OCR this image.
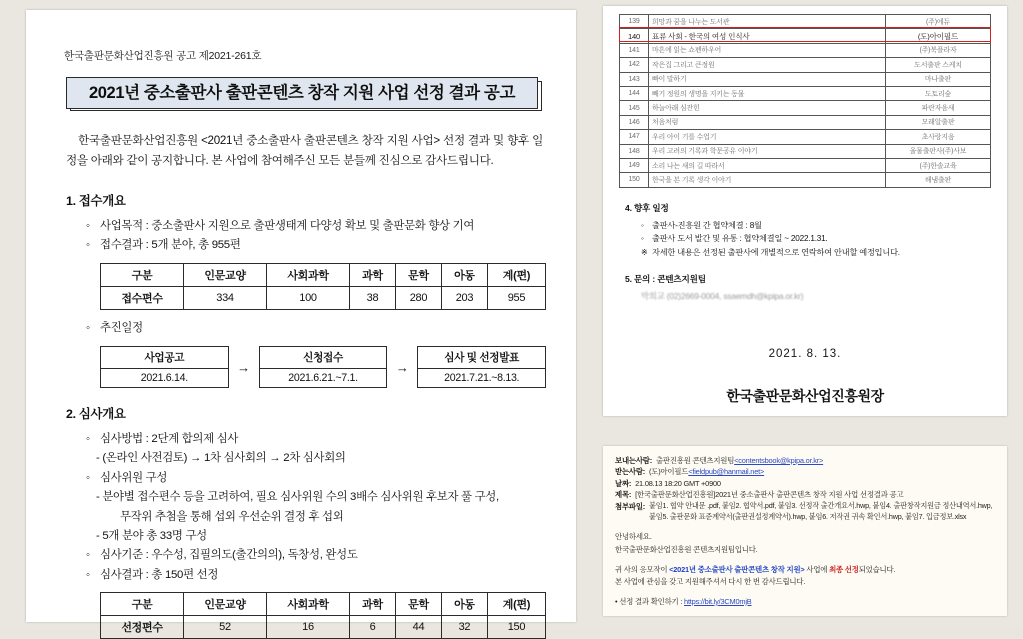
한국출판문화산업진흥원 공고 제2021-261호
2021년 중소출판사 출판콘텐츠 창작 지원 사업 선정 결과 공고

한국출판문화산업진흥원 <2021년 중소출판사 출판콘텐츠 창작 지원 사업> 선정 결과 및 향후 일정을 아래와 같이 공지합니다. 본 사업에 참여해주신 모든 분들께 진심으로 감사드립니다.

1. 접수개요
◦ 사업목적 : 중소출판사 지원으로 출판생태계 다양성 확보 및 출판문화 향상 기여
◦ 접수결과 : 5개 분야, 총 955편
구분	인문교양	사회과학	과학	문학	아동	계(편)
접수편수	334	100	38	280	203	955
◦ 추진일정
사업공고
2021.6.14.
→
신청접수
2021.6.21.~7.1.
→
심사 및 선정발표
2021.7.21.~8.13.
2. 심사개요
◦ 심사방법 : 2단계 합의제 심사
- (온라인 사전검토) → 1차 심사회의 → 2차 심사회의
◦ 심사위원 구성
- 분야별 접수편수 등을 고려하여, 필요 심사위원 수의 3배수 심사위원 후보자 풀 구성,
무작위 추첨을 통해 섭외 우선순위 결정 후 섭외
- 5개 분야 총 33명 구성
◦ 심사기준 : 우수성, 집필의도(출간의의), 독창성, 완성도
◦ 심사결과 : 총 150편 선정
구분	인문교양	사회과학	과학	문학	아동	계(편)
선정편수	52	16	6	44	32	150
139	희망과 꿈을 나누는 도서관	(주)에듀
140	표류 사회 - 한국의 여성 인식사	(도)아이필드
141	마흔에 읽는 쇼펜하우어	(주)북플라자
142	작은집 그리고 큰정원	도서출판 스케치
143	빠이 말하기	마나출판
144	빼기 정원의 생명을 지키는 동물	도토리숲
145	하늘아래 심잔힌	파란자음새
146	처음처럼	모래알출판
147	우리 아이 기를 수업기	초사랑지음
148	우리 고려의 기록과 학문공유 이야기	울물출판사(주)사보
149	소리 나는 새의 길 따라서	(주)한솔교육
150	한국을 본 기록 생각 이야기	해냄출판
4. 향후 일정
◦ 출판사-진흥원 간 협약체결 : 8월
◦ 출판사 도서 발간 및 유통 : 협약체결일 ~ 2022.1.31.
※ 자세한 내용은 선정된 출판사에 개별적으로 연락하여 안내할 예정입니다.
5. 문의 : 콘텐츠지원팀
박희교 (02)2669-0004, ssaemdh@kpipa.or.kr)
2021. 8. 13.
한국출판문화산업진흥원장
보내는사람: 출판진흥원 콘텐츠지원팀 <contentsbook@kpipa.or.kr>
받는사람: (도)아이필드 <fieldpub@hanmail.net>
날짜: 21.08.13 18:20 GMT +0900
제목: [한국출판문화산업진흥원]2021년 중소출판사 출판콘텐츠 창작 지원 사업 선정결과 공고
첨부파일: 붙임1. 협약 안내문 .pdf, 붙임2. 협약서.pdf, 붙임3. 선정작 출간개요서.hwp, 붙임4. 출판창작지원금 정산내역서.hwp, 붙임5. 출판문화 표준계약서(출판권설정계약서).hwp, 붙임6. 저작권 귀속 확인서.hwp, 붙임7. 입금정보.xlsx
안녕하세요.
한국출판문화산업진흥원 콘텐츠지원팀입니다.
귀 사의 응모작이 <2021년 중소출판사 출판콘텐츠 창작 지원> 사업에 최종 선정되었습니다.
본 사업에 관심을 갖고 지원해주셔서 다시 한 번 감사드립니다.
• 선정 결과 확인하기 : https://bit.ly/3CM0mjB
